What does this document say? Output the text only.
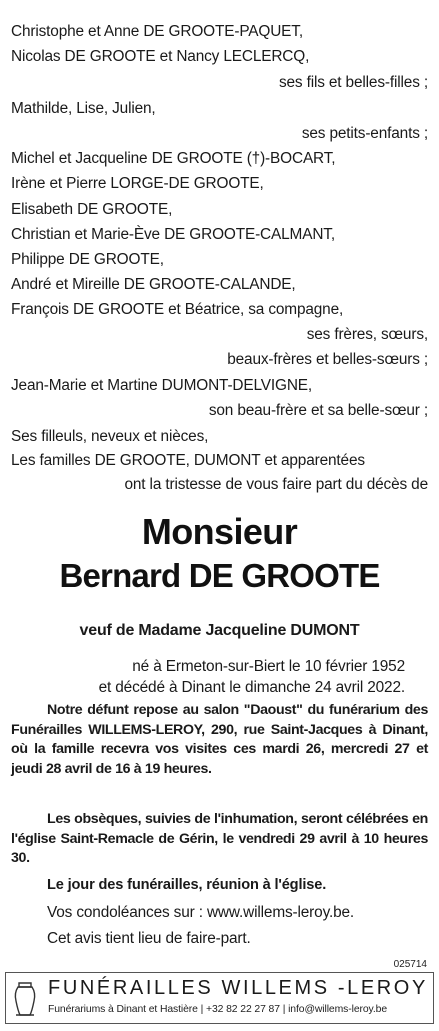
Christophe et Anne DE GROOTE-PAQUET,
Nicolas DE GROOTE et Nancy LECLERCQ,
ses fils et belles-filles ;
Mathilde, Lise, Julien,
ses petits-enfants ;
Michel et Jacqueline DE GROOTE (†)-BOCART,
Irène et Pierre LORGE-DE GROOTE,
Elisabeth DE GROOTE,
Christian et Marie-Ève DE GROOTE-CALMANT,
Philippe DE GROOTE,
André et Mireille DE GROOTE-CALANDE,
François DE GROOTE et Béatrice, sa compagne,
ses frères, sœurs,
beaux-frères et belles-sœurs ;
Jean-Marie et Martine DUMONT-DELVIGNE,
son beau-frère et sa belle-sœur ;
Ses filleuls, neveux et nièces,
Les familles DE GROOTE, DUMONT et apparentées
ont la tristesse de vous faire part du décès de
Monsieur
Bernard DE GROOTE
veuf de Madame Jacqueline DUMONT
né à Ermeton-sur-Biert le 10 février 1952
et décédé à Dinant le dimanche 24 avril 2022.
Notre défunt repose au salon "Daoust" du funérarium des Funérailles WILLEMS-LEROY, 290, rue Saint-Jacques à Dinant, où la famille recevra vos visites ces mardi 26, mercredi 27 et jeudi 28 avril de 16 à 19 heures.
Les obsèques, suivies de l'inhumation, seront célébrées en l'église Saint-Remacle de Gérin, le vendredi 29 avril à 10 heures 30.
Le jour des funérailles, réunion à l'église.
Vos condoléances sur : www.willems-leroy.be.
Cet avis tient lieu de faire-part.
025714
FUNÉRAILLES WILLEMS -LEROY
Funérariums à Dinant et Hastière | +32 82 22 27 87 | info@willems-leroy.be
